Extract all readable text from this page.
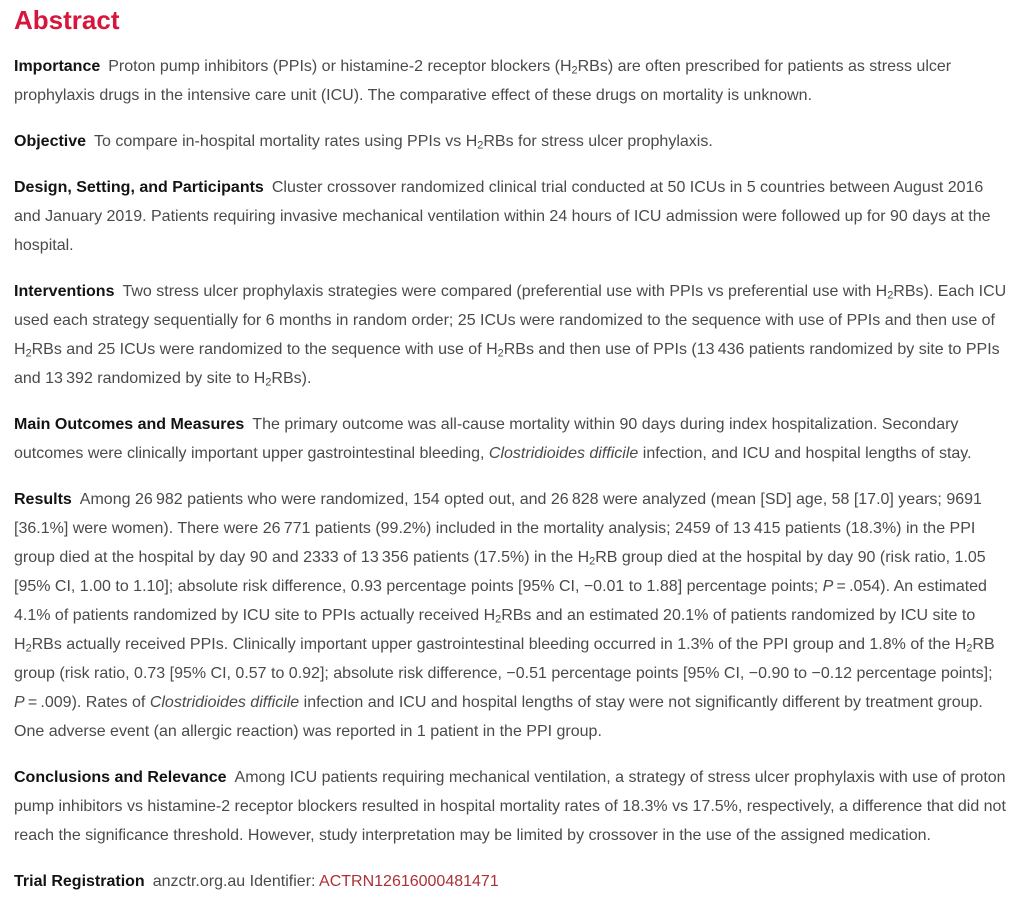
Abstract

Importance Proton pump inhibitors (PPIs) or histamine-2 receptor blockers (H2RBs) are often prescribed for patients as stress ulcer prophylaxis drugs in the intensive care unit (ICU). The comparative effect of these drugs on mortality is unknown.

Objective To compare in-hospital mortality rates using PPIs vs H2RBs for stress ulcer prophylaxis.

Design, Setting, and Participants Cluster crossover randomized clinical trial conducted at 50 ICUs in 5 countries between August 2016 and January 2019. Patients requiring invasive mechanical ventilation within 24 hours of ICU admission were followed up for 90 days at the hospital.

Interventions Two stress ulcer prophylaxis strategies were compared (preferential use with PPIs vs preferential use with H2RBs). Each ICU used each strategy sequentially for 6 months in random order; 25 ICUs were randomized to the sequence with use of PPIs and then use of H2RBs and 25 ICUs were randomized to the sequence with use of H2RBs and then use of PPIs (13 436 patients randomized by site to PPIs and 13 392 randomized by site to H2RBs).

Main Outcomes and Measures The primary outcome was all-cause mortality within 90 days during index hospitalization. Secondary outcomes were clinically important upper gastrointestinal bleeding, Clostridioides difficile infection, and ICU and hospital lengths of stay.

Results Among 26 982 patients who were randomized, 154 opted out, and 26 828 were analyzed (mean [SD] age, 58 [17.0] years; 9691 [36.1%] were women). There were 26 771 patients (99.2%) included in the mortality analysis; 2459 of 13 415 patients (18.3%) in the PPI group died at the hospital by day 90 and 2333 of 13 356 patients (17.5%) in the H2RB group died at the hospital by day 90 (risk ratio, 1.05 [95% CI, 1.00 to 1.10]; absolute risk difference, 0.93 percentage points [95% CI, −0.01 to 1.88] percentage points; P = .054). An estimated 4.1% of patients randomized by ICU site to PPIs actually received H2RBs and an estimated 20.1% of patients randomized by ICU site to H2RBs actually received PPIs. Clinically important upper gastrointestinal bleeding occurred in 1.3% of the PPI group and 1.8% of the H2RB group (risk ratio, 0.73 [95% CI, 0.57 to 0.92]; absolute risk difference, −0.51 percentage points [95% CI, −0.90 to −0.12 percentage points]; P = .009). Rates of Clostridioides difficile infection and ICU and hospital lengths of stay were not significantly different by treatment group. One adverse event (an allergic reaction) was reported in 1 patient in the PPI group.

Conclusions and Relevance Among ICU patients requiring mechanical ventilation, a strategy of stress ulcer prophylaxis with use of proton pump inhibitors vs histamine-2 receptor blockers resulted in hospital mortality rates of 18.3% vs 17.5%, respectively, a difference that did not reach the significance threshold. However, study interpretation may be limited by crossover in the use of the assigned medication.

Trial Registration anzctr.org.au Identifier: ACTRN12616000481471
